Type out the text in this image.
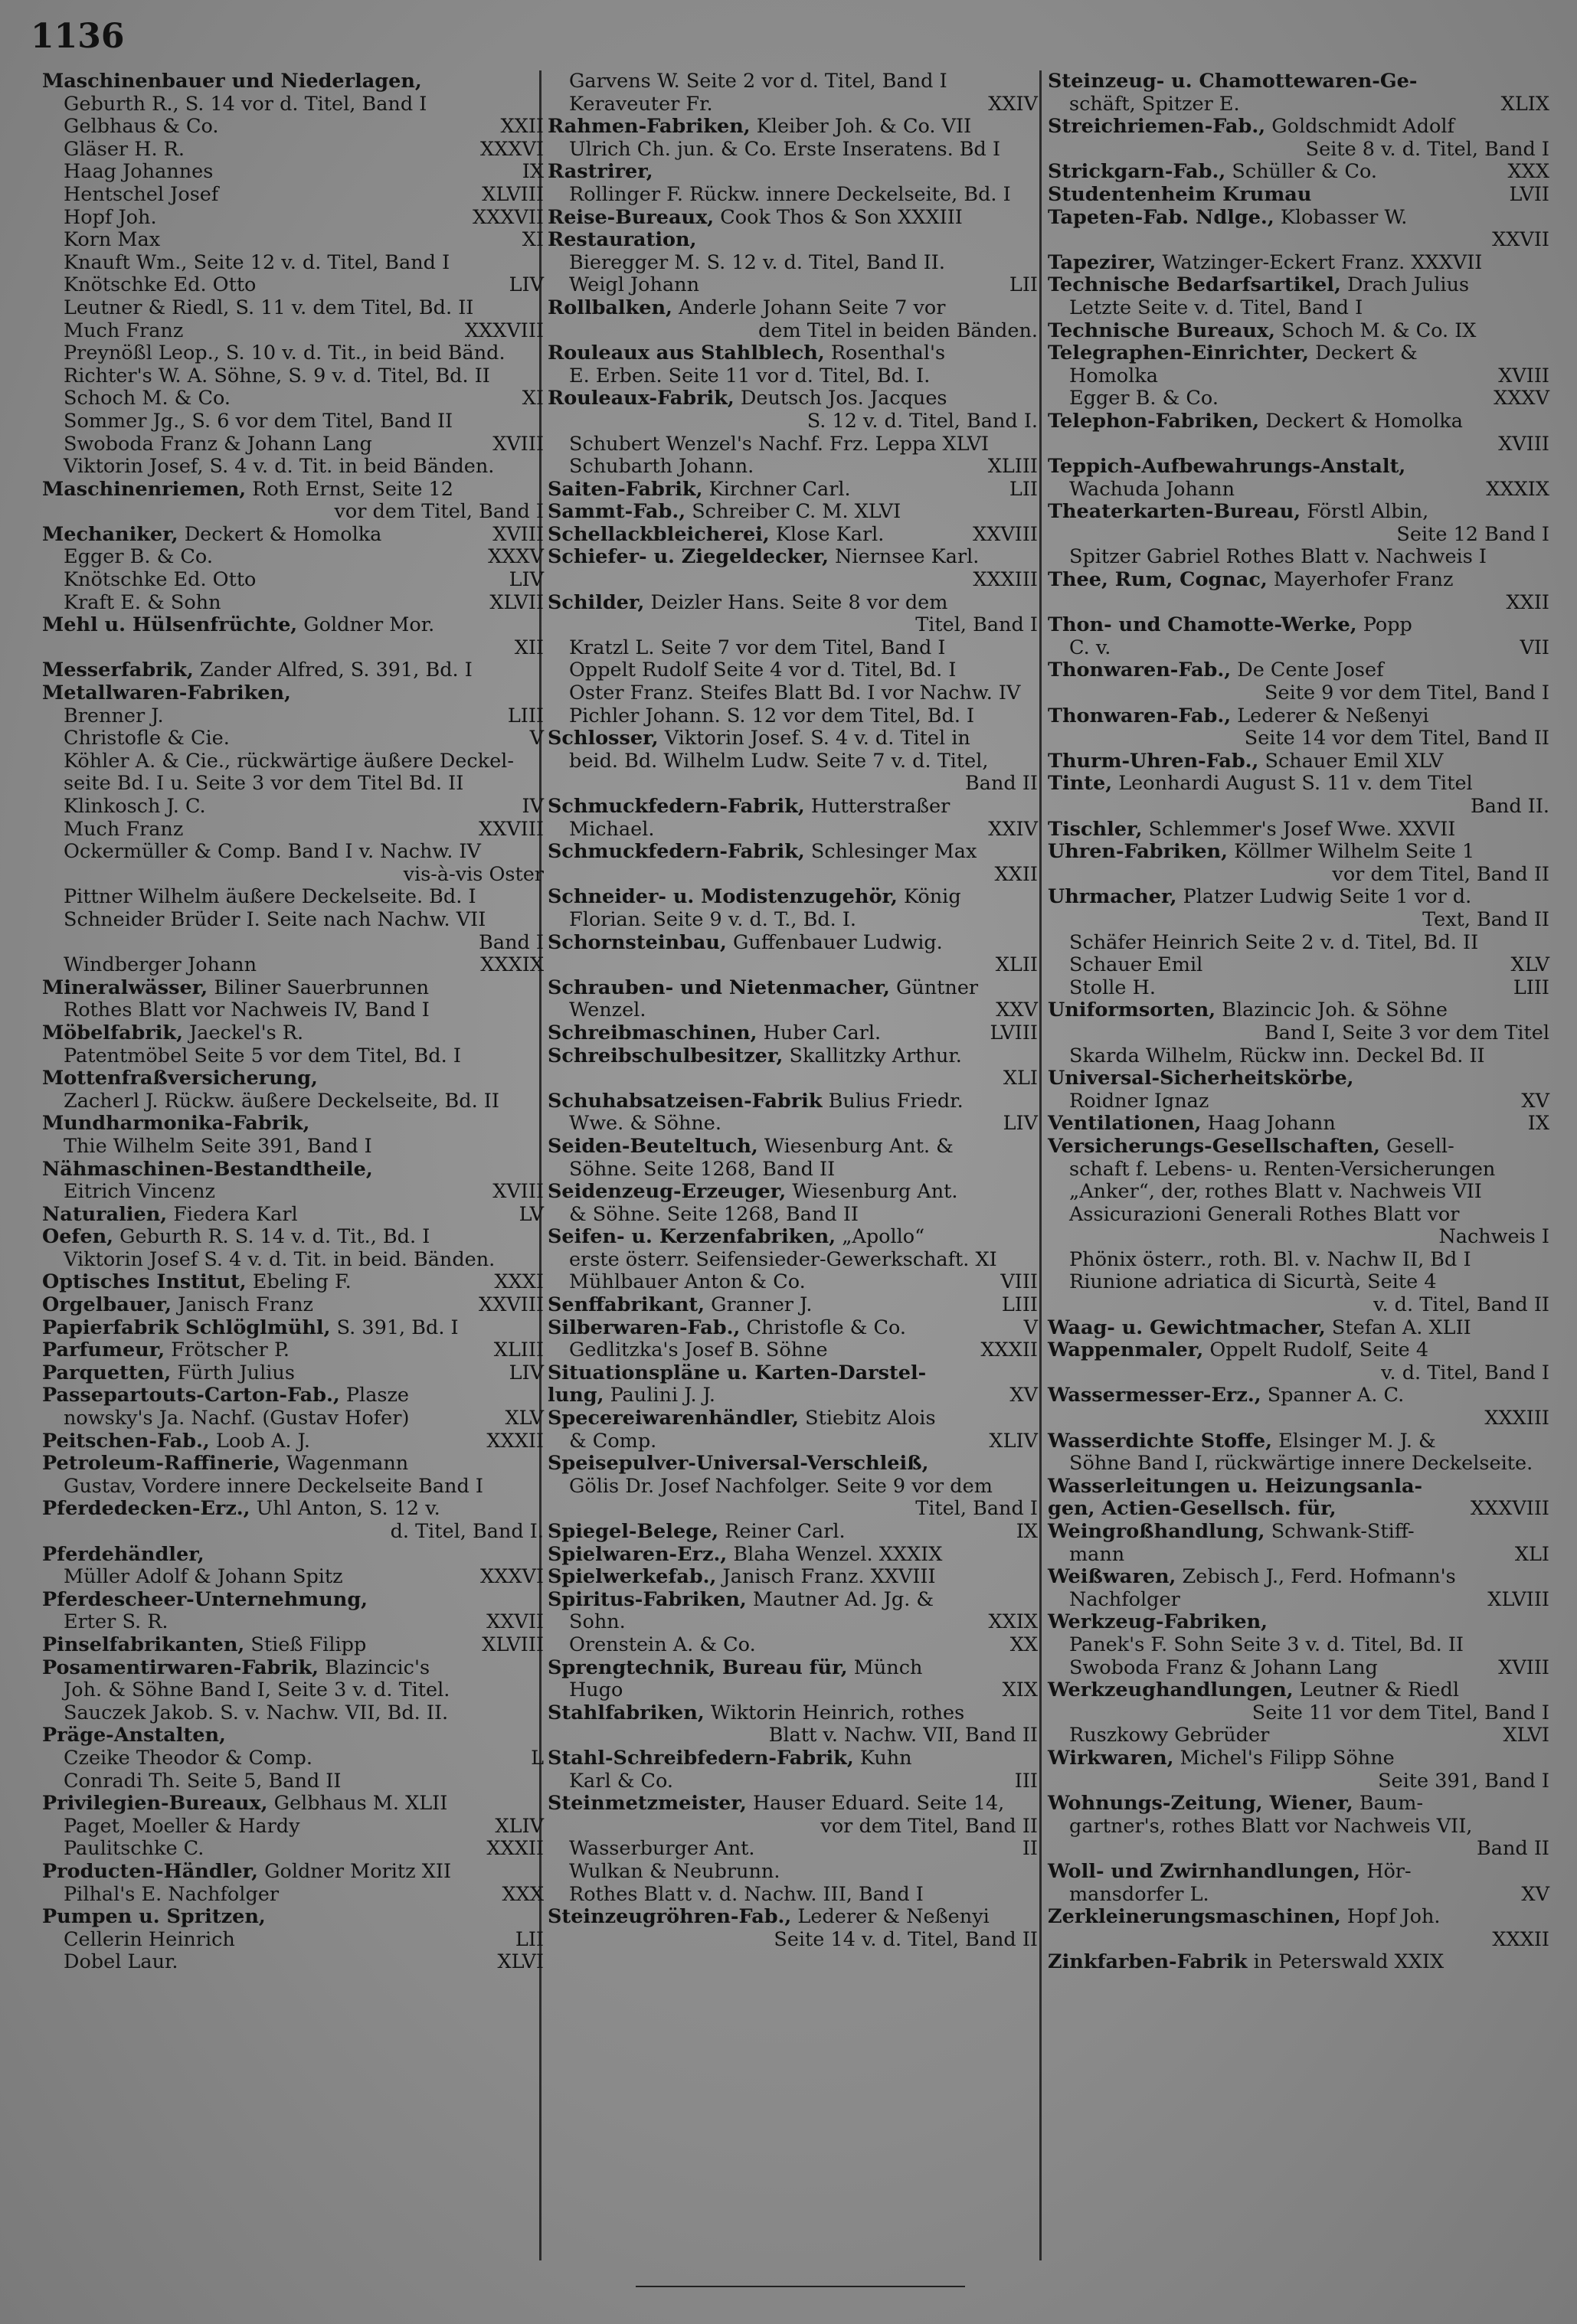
1136
Maschinenbauer und Niederlagen,
Geburth R., S. 14 vor d. Titel, Band I
XXII
Gelbhaus & Co.
XXXVI
Gläser H. R.
IX
Haag Johannes
XLVIII
Hentschel Josef
XXXVII
Hopf Joh.
XI
Korn Max
Knauft Wm., Seite 12 v. d. Titel, Band I
LIV
Knötschke Ed. Otto
Leutner & Riedl, S. 11 v. dem Titel, Bd. II
XXXVIII
Much Franz
Preynößl Leop., S. 10 v. d. Tit., in beid Bänd.
Richter's W. A. Söhne, S. 9 v. d. Titel, Bd. II
XI
Schoch M. & Co.
Sommer Jg., S. 6 vor dem Titel, Band II
XVIII
Swoboda Franz & Johann Lang
Viktorin Josef, S. 4 v. d. Tit. in beid Bänden.
Maschinenriemen, Roth Ernst, Seite 12
vor dem Titel, Band I
XVIII
Mechaniker, Deckert & Homolka
XXXV
Egger B. & Co.
LIV
Knötschke Ed. Otto
XLVII
Kraft E. & Sohn
Mehl u. Hülsenfrüchte, Goldner Mor.
XII
Messerfabrik, Zander Alfred, S. 391, Bd. I
Metallwaren-Fabriken,
LIII
Brenner J.
V
Christofle & Cie.
Köhler A. & Cie., rückwärtige äußere Deckel-
seite Bd. I u. Seite 3 vor dem Titel Bd. II
IV
Klinkosch J. C.
XXVIII
Much Franz
Ockermüller & Comp. Band I v. Nachw. IV
vis-à-vis Oster
Pittner Wilhelm äußere Deckelseite. Bd. I
Schneider Brüder I. Seite nach Nachw. VII
Band I
XXXIX
Windberger Johann
Mineralwässer, Biliner Sauerbrunnen
Rothes Blatt vor Nachweis IV, Band I
Möbelfabrik, Jaeckel's R.
Patentmöbel Seite 5 vor dem Titel, Bd. I
Mottenfraßversicherung,
Zacherl J. Rückw. äußere Deckelseite, Bd. II
Mundharmonika-Fabrik,
Thie Wilhelm Seite 391, Band I
Nähmaschinen-Bestandtheile,
XVIII
Eitrich Vincenz
LV
Naturalien, Fiedera Karl
Oefen, Geburth R. S. 14 v. d. Tit., Bd. I
Viktorin Josef S. 4 v. d. Tit. in beid. Bänden.
XXXI
Optisches Institut, Ebeling F.
XXVIII
Orgelbauer, Janisch Franz
Papierfabrik Schlöglmühl, S. 391, Bd. I
XLIII
Parfumeur, Frötscher P.
LIV
Parquetten, Fürth Julius
Passepartouts-Carton-Fab., Plasze
XLV
nowsky's Ja. Nachf. (Gustav Hofer)
XXXII
Peitschen-Fab., Loob A. J.
Petroleum-Raffinerie, Wagenmann
Gustav, Vordere innere Deckelseite Band I
Pferdedecken-Erz., Uhl Anton, S. 12 v.
d. Titel, Band I.
Pferdehändler,
XXXVI
Müller Adolf & Johann Spitz
Pferdescheer-Unternehmung,
XXVII
Erter S. R.
XLVIII
Pinselfabrikanten, Stieß Filipp
Posamentirwaren-Fabrik, Blazincic's
Joh. & Söhne Band I, Seite 3 v. d. Titel.
Sauczek Jakob. S. v. Nachw. VII, Bd. II.
Präge-Anstalten,
L
Czeike Theodor & Comp.
Conradi Th. Seite 5, Band II
Privilegien-Bureaux, Gelbhaus M. XLII
XLIV
Paget, Moeller & Hardy
XXXII
Paulitschke C.
Producten-Händler, Goldner Moritz XII
XXX
Pilhal's E. Nachfolger
Pumpen u. Spritzen,
LII
Cellerin Heinrich
XLVI
Dobel Laur.
Garvens W. Seite 2 vor d. Titel, Band I
XXIV
Keraveuter Fr.
Rahmen-Fabriken, Kleiber Joh. & Co. VII
Ulrich Ch. jun. & Co. Erste Inseratens. Bd I
Rastrirer,
Rollinger F. Rückw. innere Deckelseite, Bd. I
Reise-Bureaux, Cook Thos & Son XXXIII
Restauration,
Bieregger M. S. 12 v. d. Titel, Band II.
LII
Weigl Johann
Rollbalken, Anderle Johann Seite 7 vor
dem Titel in beiden Bänden.
Rouleaux aus Stahlblech, Rosenthal's
E. Erben. Seite 11 vor d. Titel, Bd. I.
Rouleaux-Fabrik, Deutsch Jos. Jacques
S. 12 v. d. Titel, Band I.
Schubert Wenzel's Nachf. Frz. Leppa XLVI
XLIII
Schubarth Johann.
LII
Saiten-Fabrik, Kirchner Carl.
Sammt-Fab., Schreiber C. M. XLVI
XXVIII
Schellackbleicherei, Klose Karl.
Schiefer- u. Ziegeldecker, Niernsee Karl.
XXXIII
Schilder, Deizler Hans. Seite 8 vor dem
Titel, Band I
Kratzl L. Seite 7 vor dem Titel, Band I
Oppelt Rudolf Seite 4 vor d. Titel, Bd. I
Oster Franz. Steifes Blatt Bd. I vor Nachw. IV
Pichler Johann. S. 12 vor dem Titel, Bd. I
Schlosser, Viktorin Josef. S. 4 v. d. Titel in
beid. Bd. Wilhelm Ludw. Seite 7 v. d. Titel,
Band II
Schmuckfedern-Fabrik, Hutterstraßer
XXIV
Michael.
Schmuckfedern-Fabrik, Schlesinger Max
XXII
Schneider- u. Modistenzugehör, König
Florian. Seite 9 v. d. T., Bd. I.
Schornsteinbau, Guffenbauer Ludwig.
XLII
Schrauben- und Nietenmacher, Güntner
XXV
Wenzel.
LVIII
Schreibmaschinen, Huber Carl.
Schreibschulbesitzer, Skallitzky Arthur.
XLI
Schuhabsatzeisen-Fabrik Bulius Friedr.
LIV
Wwe. & Söhne.
Seiden-Beuteltuch, Wiesenburg Ant. &
Söhne. Seite 1268, Band II
Seidenzeug-Erzeuger, Wiesenburg Ant.
& Söhne. Seite 1268, Band II
Seifen- u. Kerzenfabriken, „Apollo“
erste österr. Seifensieder-Gewerkschaft. XI
VIII
Mühlbauer Anton & Co.
LIII
Senffabrikant, Granner J.
V
Silberwaren-Fab., Christofle & Co.
XXXII
Gedlitzka's Josef B. Söhne
Situationspläne u. Karten-Darstel-
XV
lung, Paulini J. J.
Specereiwarenhändler, Stiebitz Alois
XLIV
& Comp.
Speisepulver-Universal-Verschleiß,
Gölis Dr. Josef Nachfolger. Seite 9 vor dem
Titel, Band I
IX
Spiegel-Belege, Reiner Carl.
Spielwaren-Erz., Blaha Wenzel. XXXIX
Spielwerkefab., Janisch Franz. XXVIII
Spiritus-Fabriken, Mautner Ad. Jg. &
XXIX
Sohn.
XX
Orenstein A. & Co.
Sprengtechnik, Bureau für, Münch
XIX
Hugo
Stahlfabriken, Wiktorin Heinrich, rothes
Blatt v. Nachw. VII, Band II
Stahl-Schreibfedern-Fabrik, Kuhn
III
Karl & Co.
Steinmetzmeister, Hauser Eduard. Seite 14,
vor dem Titel, Band II
II
Wasserburger Ant.
Wulkan & Neubrunn.
Rothes Blatt v. d. Nachw. III, Band I
Steinzeugröhren-Fab., Lederer & Neßenyi
Seite 14 v. d. Titel, Band II
Steinzeug- u. Chamottewaren-Ge-
XLIX
schäft, Spitzer E.
Streichriemen-Fab., Goldschmidt Adolf
Seite 8 v. d. Titel, Band I
XXX
Strickgarn-Fab., Schüller & Co.
LVII
Studentenheim Krumau
Tapeten-Fab. Ndlge., Klobasser W.
XXVII
Tapezirer, Watzinger-Eckert Franz. XXXVII
Technische Bedarfsartikel, Drach Julius
Letzte Seite v. d. Titel, Band I
Technische Bureaux, Schoch M. & Co. IX
Telegraphen-Einrichter, Deckert &
XVIII
Homolka
XXXV
Egger B. & Co.
Telephon-Fabriken, Deckert & Homolka
XVIII
Teppich-Aufbewahrungs-Anstalt,
XXXIX
Wachuda Johann
Theaterkarten-Bureau, Förstl Albin,
Seite 12 Band I
Spitzer Gabriel Rothes Blatt v. Nachweis I
Thee, Rum, Cognac, Mayerhofer Franz
XXII
Thon- und Chamotte-Werke, Popp
VII
C. v.
Thonwaren-Fab., De Cente Josef
Seite 9 vor dem Titel, Band I
Thonwaren-Fab., Lederer & Neßenyi
Seite 14 vor dem Titel, Band II
Thurm-Uhren-Fab., Schauer Emil XLV
Tinte, Leonhardi August S. 11 v. dem Titel
Band II.
Tischler, Schlemmer's Josef Wwe. XXVII
Uhren-Fabriken, Köllmer Wilhelm Seite 1
vor dem Titel, Band II
Uhrmacher, Platzer Ludwig Seite 1 vor d.
Text, Band II
Schäfer Heinrich Seite 2 v. d. Titel, Bd. II
XLV
Schauer Emil
LIII
Stolle H.
Uniformsorten, Blazincic Joh. & Söhne
Band I, Seite 3 vor dem Titel
Skarda Wilhelm, Rückw inn. Deckel Bd. II
Universal-Sicherheitskörbe,
XV
Roidner Ignaz
IX
Ventilationen, Haag Johann
Versicherungs-Gesellschaften, Gesell-
schaft f. Lebens- u. Renten-Versicherungen
„Anker“, der, rothes Blatt v. Nachweis VII
Assicurazioni Generali Rothes Blatt vor
Nachweis I
Phönix österr., roth. Bl. v. Nachw II, Bd I
Riunione adriatica di Sicurtà, Seite 4
v. d. Titel, Band II
Waag- u. Gewichtmacher, Stefan A. XLII
Wappenmaler, Oppelt Rudolf, Seite 4
v. d. Titel, Band I
Wassermesser-Erz., Spanner A. C.
XXXIII
Wasserdichte Stoffe, Elsinger M. J. &
Söhne Band I, rückwärtige innere Deckelseite.
Wasserleitungen u. Heizungsanla-
XXXVIII
gen, Actien-Gesellsch. für,
Weingroßhandlung, Schwank-Stiff-
XLI
mann
Weißwaren, Zebisch J., Ferd. Hofmann's
XLVIII
Nachfolger
Werkzeug-Fabriken,
Panek's F. Sohn Seite 3 v. d. Titel, Bd. II
XVIII
Swoboda Franz & Johann Lang
Werkzeughandlungen, Leutner & Riedl
Seite 11 vor dem Titel, Band I
XLVI
Ruszkowy Gebrüder
Wirkwaren, Michel's Filipp Söhne
Seite 391, Band I
Wohnungs-Zeitung, Wiener, Baum-
gartner's, rothes Blatt vor Nachweis VII,
Band II
Woll- und Zwirnhandlungen, Hör-
XV
mansdorfer L.
Zerkleinerungsmaschinen, Hopf Joh.
XXXII
Zinkfarben-Fabrik in Peterswald XXIX
